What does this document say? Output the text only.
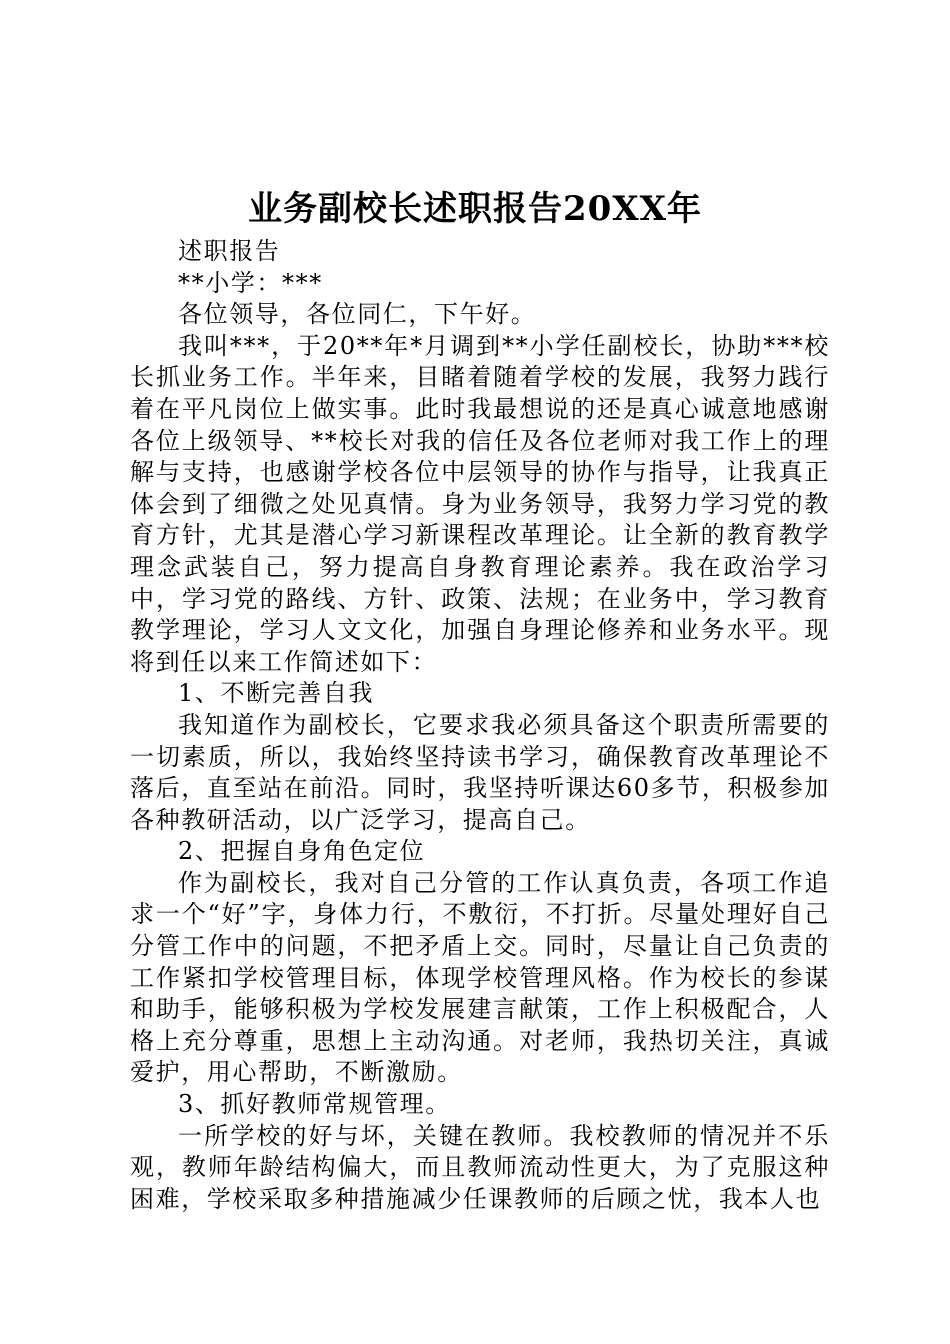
业务副校长述职报告20XX年

述职报告

**小学：***

各位领导，各位同仁，下午好。

我叫***，于20**年*月调到**小学任副校长，协助***校长抓业务工作。半年来，目睹着随着学校的发展，我努力践行着在平凡岗位上做实事。此时我最想说的还是真心诚意地感谢各位上级领导、**校长对我的信任及各位老师对我工作上的理解与支持，也感谢学校各位中层领导的协作与指导，让我真正体会到了细微之处见真情。身为业务领导，我努力学习党的教育方针，尤其是潜心学习新课程改革理论。让全新的教育教学理念武装自己，努力提高自身教育理论素养。我在政治学习中，学习党的路线、方针、政策、法规；在业务中，学习教育教学理论，学习人文文化，加强自身理论修养和业务水平。现将到任以来工作简述如下：

1、不断完善自我

我知道作为副校长，它要求我必须具备这个职责所需要的一切素质，所以，我始终坚持读书学习，确保教育改革理论不落后，直至站在前沿。同时，我坚持听课达60多节，积极参加各种教研活动，以广泛学习，提高自己。

2、把握自身角色定位

作为副校长，我对自己分管的工作认真负责，各项工作追求一个“好”字，身体力行，不敷衍，不打折。尽量处理好自己分管工作中的问题，不把矛盾上交。同时，尽量让自己负责的工作紧扣学校管理目标，体现学校管理风格。作为校长的参谋和助手，能够积极为学校发展建言献策，工作上积极配合，人格上充分尊重，思想上主动沟通。对老师，我热切关注，真诚爱护，用心帮助，不断激励。

3、抓好教师常规管理。

一所学校的好与坏，关键在教师。我校教师的情况并不乐观，教师年龄结构偏大，而且教师流动性更大，为了克服这种困难，学校采取多种措施减少任课教师的后顾之忧，我本人也
